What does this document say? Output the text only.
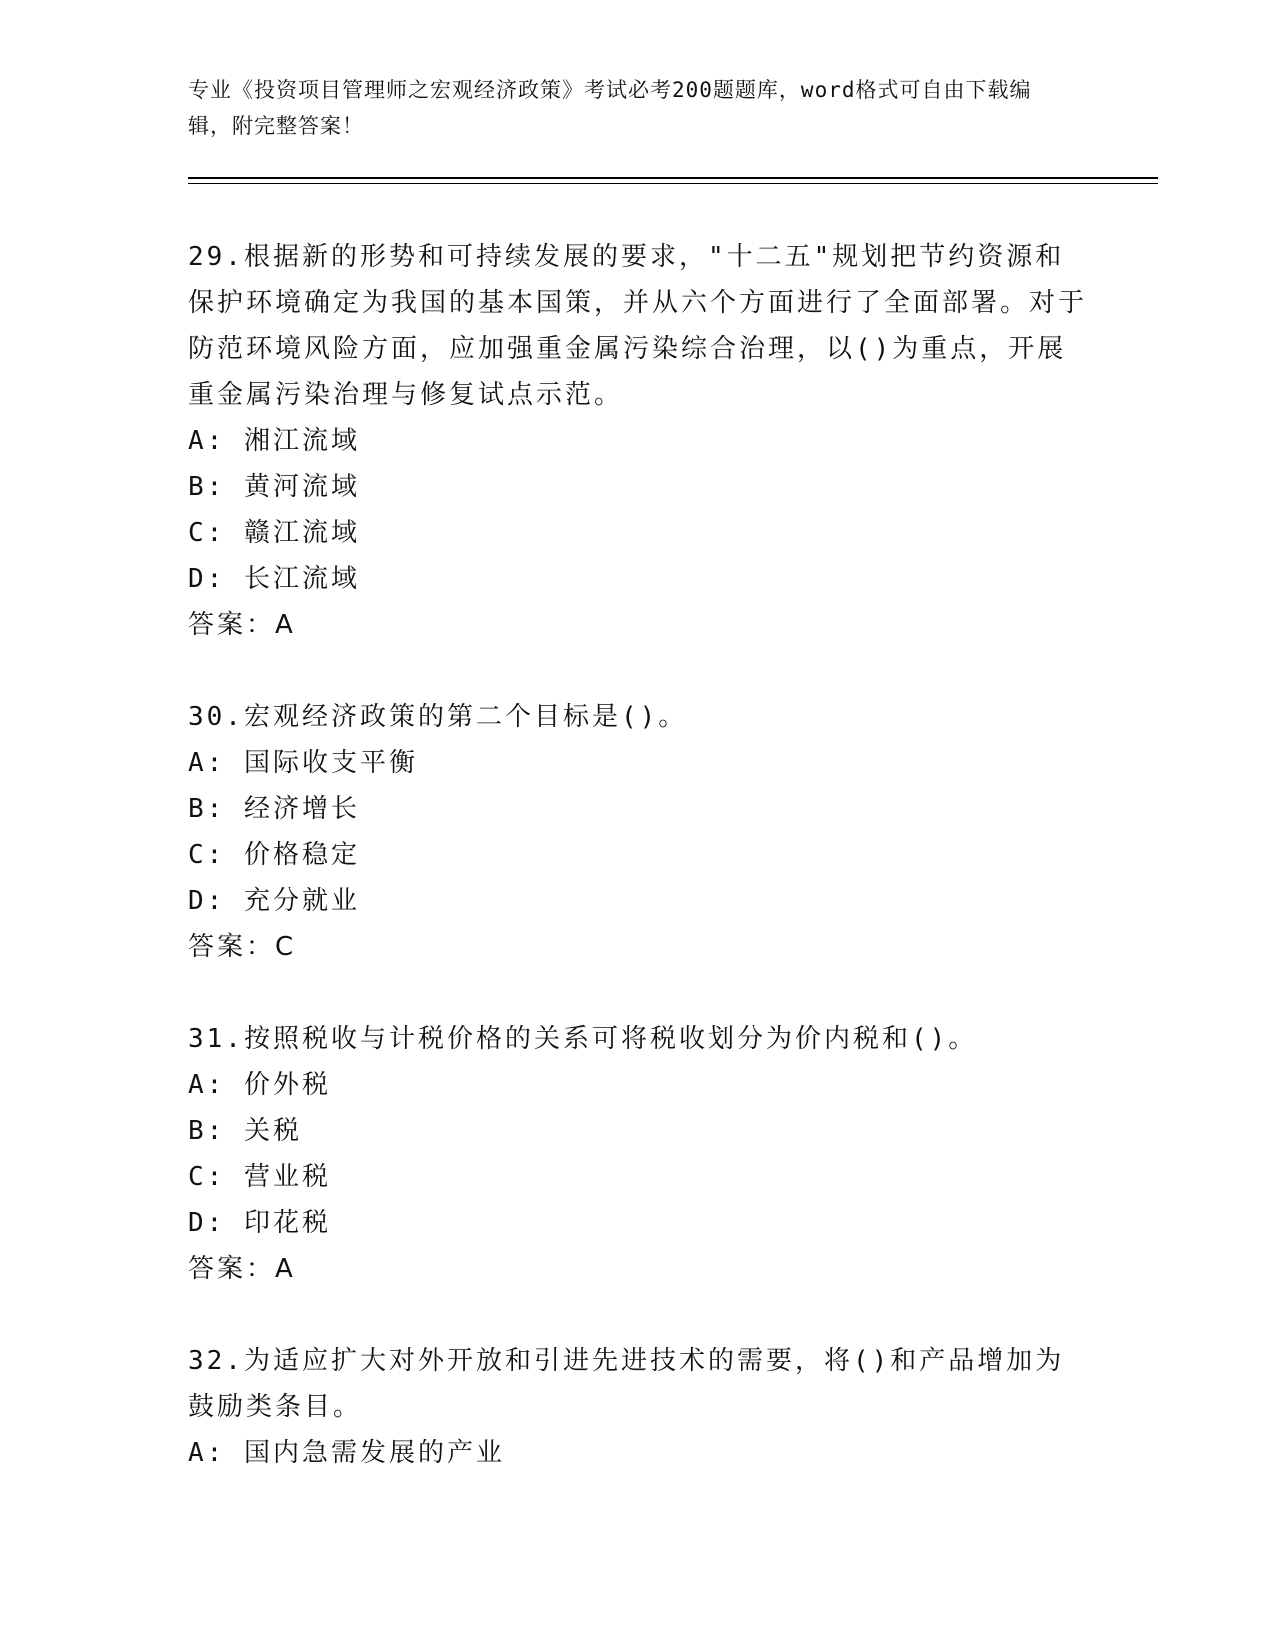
专业《投资项目管理师之宏观经济政策》考试必考200题题库，word格式可自由下载编辑，附完整答案！

29.根据新的形势和可持续发展的要求，"十二五"规划把节约资源和保护环境确定为我国的基本国策，并从六个方面进行了全面部署。对于防范环境风险方面，应加强重金属污染综合治理，以()为重点，开展重金属污染治理与修复试点示范。

A: 湘江流域

B: 黄河流域

C: 赣江流域

D: 长江流域

答案：A

30.宏观经济政策的第二个目标是()。

A: 国际收支平衡

B: 经济增长

C: 价格稳定

D: 充分就业

答案：C

31.按照税收与计税价格的关系可将税收划分为价内税和()。

A: 价外税

B: 关税

C: 营业税

D: 印花税

答案：A

32.为适应扩大对外开放和引进先进技术的需要，将()和产品增加为鼓励类条目。

A: 国内急需发展的产业
